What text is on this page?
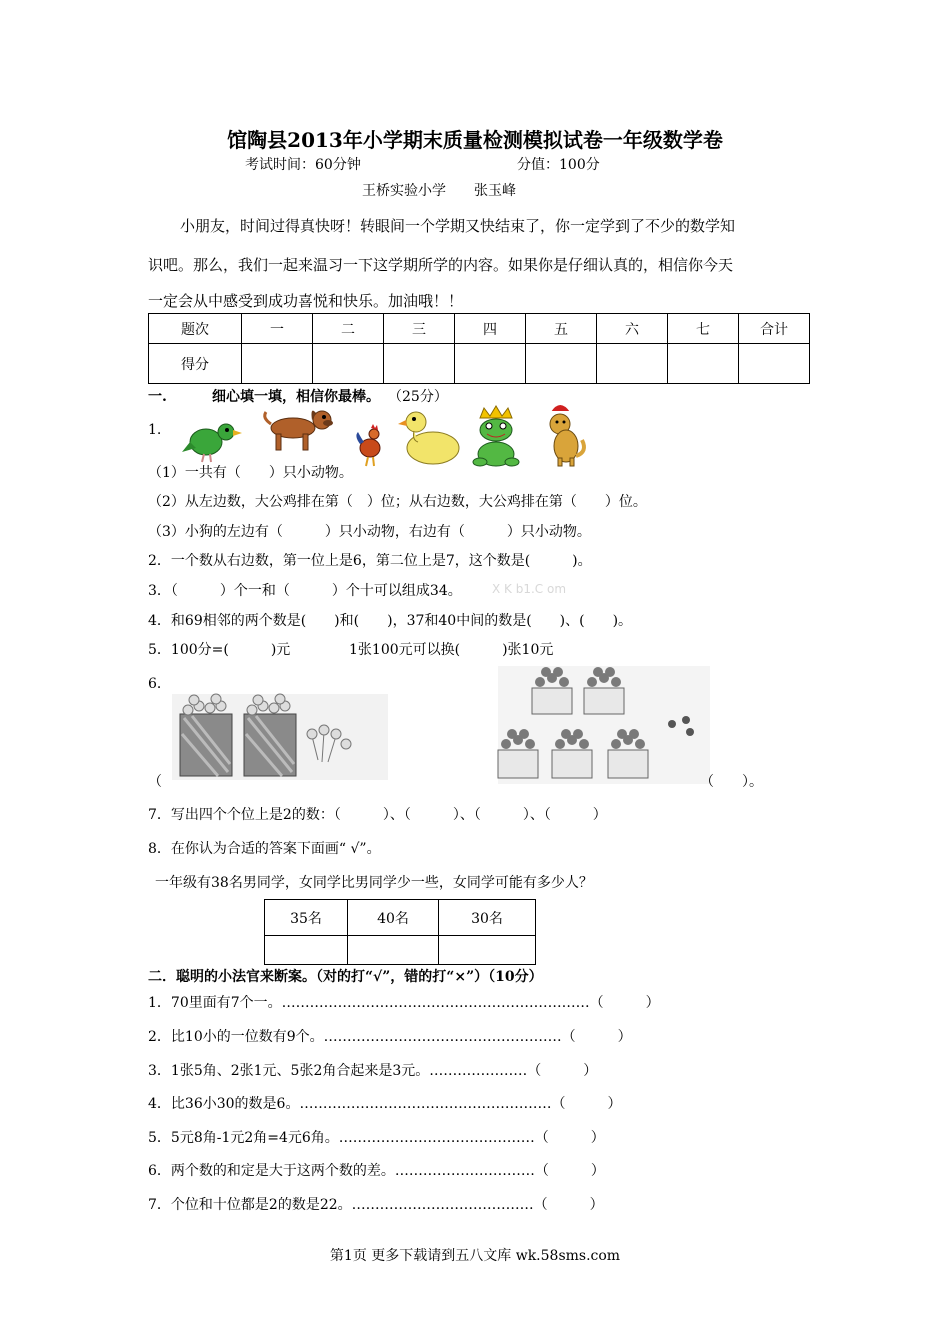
馆陶县2013年小学期末质量检测模拟试卷一年级数学卷
考试时间：60分钟	分值：100分
王桥实验小学　　张玉峰
小朋友，时间过得真快呀！转眼间一个学期又快结束了，你一定学到了不少的数学知
识吧。那么，我们一起来温习一下这学期所学的内容。如果你是仔细认真的，相信你今天
一定会从中感受到成功喜悦和快乐。加油哦！！
题次	一	二	三	四	五	六	七	合计
得分								
一.	细心填一填，相信你最棒。 （25分）
1.
（1）一共有（　　）只小动物。
（2）从左边数，大公鸡排在第（　）位；从右边数，大公鸡排在第（　　）位。
（3）小狗的左边有（　　　）只小动物，右边有（　　　）只小动物。
2．一个数从右边数，第一位上是6，第二位上是7，这个数是(　　　)。
3．（　　　）个一和（　　　）个十可以组成34。	X K b1.C om
4．和69相邻的两个数是(　　)和(　　)，37和40中间的数是(　　)、(　　)。
5．100分=(　　　)元	1张100元可以换(　　　)张10元
6．
（	（　　）。
7．写出四个个位上是2的数：（　　　）、（　　　）、（　　　）、（　　　）
8．在你认为合适的答案下面画“ √”。
一年级有38名男同学，女同学比男同学少一些，女同学可能有多少人？
35名	40名	30名

二．聪明的小法官来断案。（对的打“√”，错的打“×”）（10分）
1．70里面有7个一。…………………………………………………………（　　　）
2．比10小的一位数有9个。……………………………………………（　　　）
3．1张5角、2张1元、5张2角合起来是3元。…………………（　　　）
4．比36小30的数是6。………………………………………………（　　　）
5．5元8角-1元2角=4元6角。……………………………………（　　　）
6．两个数的和定是大于这两个数的差。…………………………（　　　）
7．个位和十位都是2的数是22。…………………………………（　　　）
第1页 更多下载请到五八文库 wk.58sms.com
